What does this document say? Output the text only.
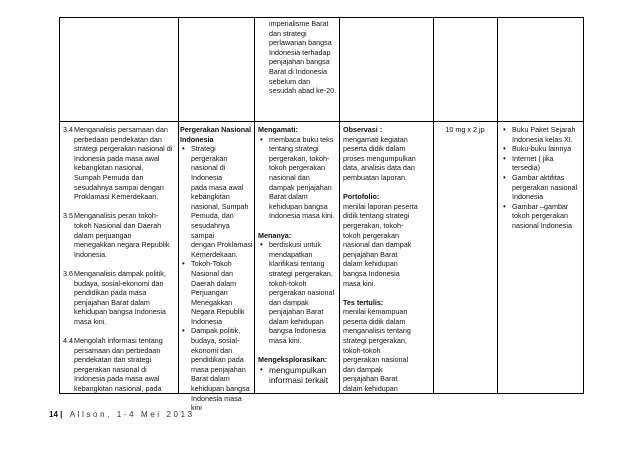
imperialisme Barat
dan strategi
perlawanan bangsa
Indonesia terhadap
penjajahan bangsa
Barat di Indonesia
sebelum dan
sesudah abad ke-20.
3.4Menganalisis persamaan dan
perbedaan pendekatan dan
strategi pergerakan nasional di
Indonesia pada masa awal
kebangkitan nasional,
Sumpah Pemuda dan
sesudahnya sampai dengan
Proklamasi Kemerdekaan.
3.5Menganalisis peran tokoh-
tokoh Nasional dan Daerah
dalam perjuangan
menegakkan negara Republik
Indonesia.
3.6Menganalisis dampak politik,
budaya, sosial-ekonomi dan
pendidikan pada masa
penjajahan Barat dalam
kehidupan bangsa Indonesia
masa kini.
4.4Mengolah informasi tentang
persamaan dan perbedaan
pendekatan dan strategi
pergerakan nasional di
Indonesia pada masa awal
kebangkitan nasional, pada
Pergerakan Nasional
Indonesia
• Strategi pergerakan
nasional di
Indonesia
pada masa awal
kebangkitan
nasional, Sumpah
Pemuda, dan
sesudahnya sampai
dengan Proklamasi
Kemerdekaan.
• Tokoh-Tokoh
Nasional dan
Daerah dalam
Perjuangan
Menegakkan
Negara Republik
Indonesia
• Dampak politik,
budaya, sosial-
ekonomi dan
pendidikan pada
masa penjajahan
Barat dalam
kehidupan bangsa
Indonesia masa kini
Mengamati:
• membaca buku teks
tentang strategi
pergerakan, tokoh-
tokoh pergerakan
nasional dan
dampak penjajahan
Barat dalam
kehidupan bangsa
Indonesia masa kini.
Menanya:
• berdiskusi untuk
mendapatkan
klarifikasi tentang
strategi pergerakan,
tokoh-tokoh
pergerakan nasional
dan dampak
penjajahan Barat
dalam kehidupan
bangsa Indonesia
masa kini.
Mengeksplorasikan:
• mengumpulkan
informasi terkait
Observasi :
mengamati kegiatan
peserta didik dalam
proses mengumpulkan
data, analisis data dan
pembuatan laporan.
Portofolio:
menilai laporan peserta
didik tentang strategi
pergerakan, tokoh-
tokoh pergerakan
nasional dan dampak
penjajahan Barat
dalam kehidupan
bangsa Indonesia
masa kini.
Tes tertulis:
menilai kemampuan
peserta didik dalam
menganalisis tentang
strategi pergerakan,
tokoh-tokoh
pergerakan nasional
dan dampak
penjajahan Barat
dalam kehidupan
10 mg x 2 jp
•	Buku Paket Sejarah
Indonesia kelas XI.
• Buku-buku lainnya
• Internet ( jika
tersedia)
• Gambar aktifitas
pergerakan nasional
Indonesia
• Gambar –gambar
tokoh pergerakan
nasional Indonesia
14 | Allson, 1-4 Mei 2013
